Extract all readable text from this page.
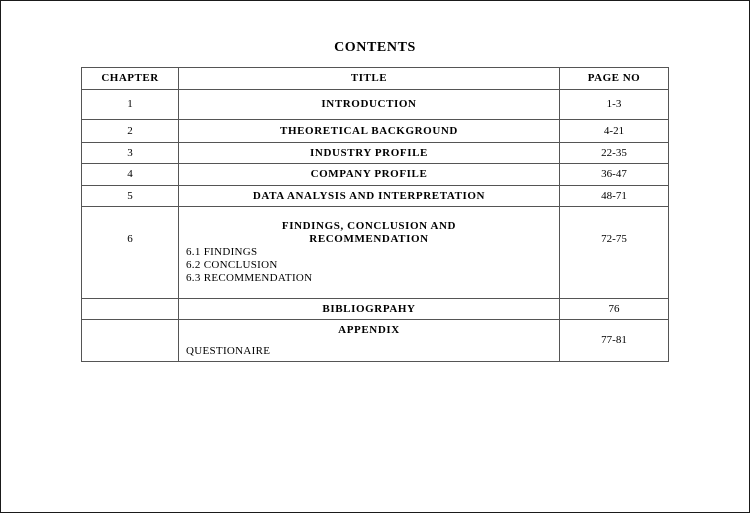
CONTENTS
CHAPTER	TITLE	PAGE NO
1	INTRODUCTION	1-3
2	THEORETICAL BACKGROUND	4-21
3	INDUSTRY PROFILE	22-35
4	COMPANY PROFILE	36-47
5	DATA ANALYSIS AND INTERPRETATION	48-71
6	FINDINGS, CONCLUSION AND
RECOMMENDATION
6.1 FINDINGS
6.2 CONCLUSION
6.3 RECOMMENDATION	72-75
	BIBLIOGRPAHY	76

	APPENDIX
QUESTIONAIRE	77-81
